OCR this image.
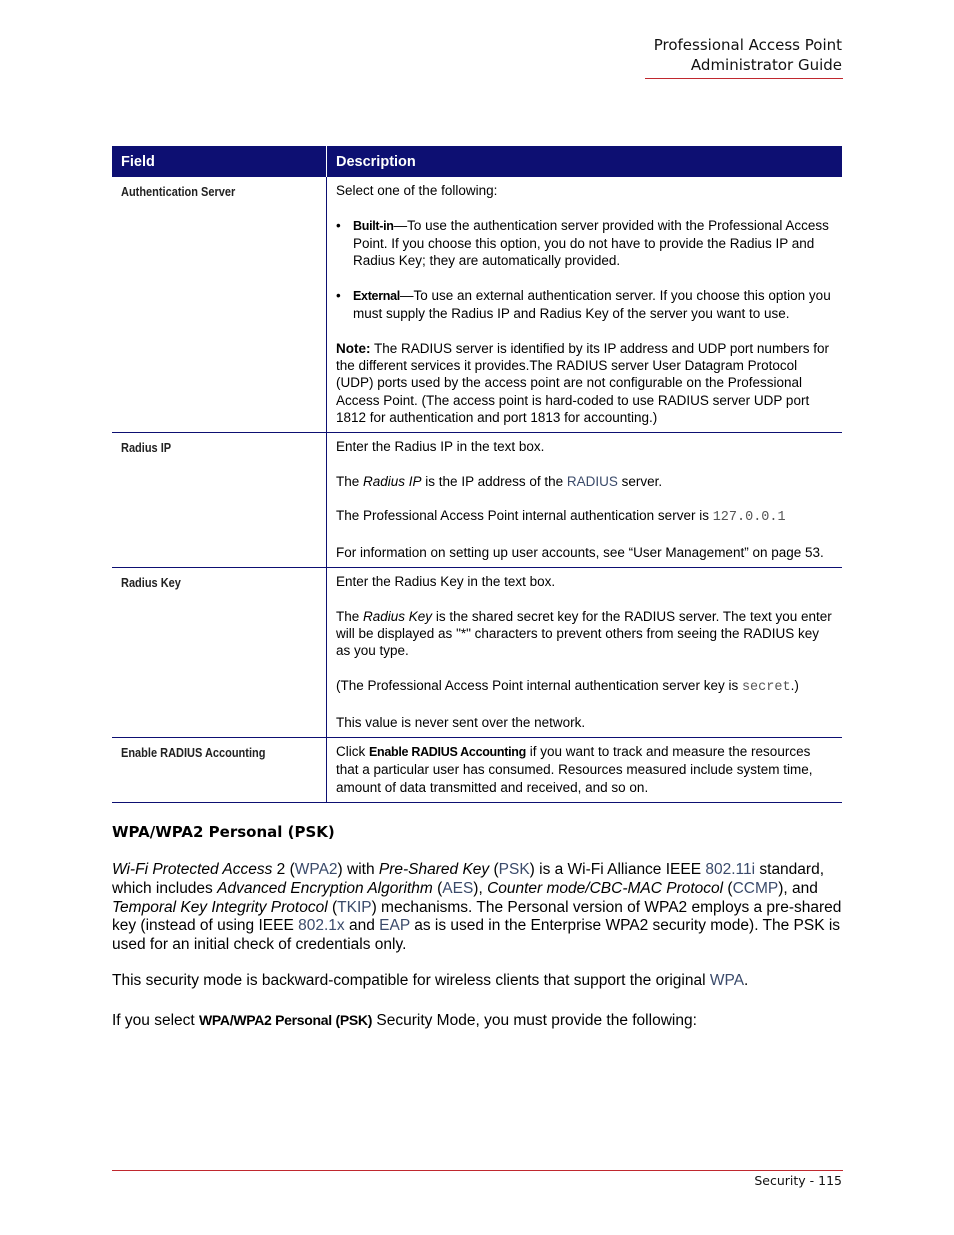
Professional Access Point
Administrator Guide
Field	Description
Authentication Server	Select one of the following:

• Built-in—To use the authentication server provided with the Professional Access Point. If you choose this option, you do not have to provide the Radius IP and Radius Key; they are automatically provided.

• External—To use an external authentication server. If you choose this option you must supply the Radius IP and Radius Key of the server you want to use.

Note: The RADIUS server is identified by its IP address and UDP port numbers for the different services it provides.The RADIUS server User Datagram Protocol (UDP) ports used by the access point are not configurable on the Professional Access Point. (The access point is hard-coded to use RADIUS server UDP port 1812 for authentication and port 1813 for accounting.)

Radius IP	Enter the Radius IP in the text box.

The Radius IP is the IP address of the RADIUS server.

The Professional Access Point internal authentication server is 127.0.0.1

For information on setting up user accounts, see “User Management” on page 53.

Radius Key	Enter the Radius Key in the text box.

The Radius Key is the shared secret key for the RADIUS server. The text you enter will be displayed as "*" characters to prevent others from seeing the RADIUS key as you type.

(The Professional Access Point internal authentication server key is secret.)

This value is never sent over the network.

Enable RADIUS Accounting	Click Enable RADIUS Accounting if you want to track and measure the resources that a particular user has consumed. Resources measured include system time, amount of data transmitted and received, and so on.

WPA/WPA2 Personal (PSK)

Wi-Fi Protected Access 2 (WPA2) with Pre-Shared Key (PSK) is a Wi-Fi Alliance IEEE 802.11i standard, which includes Advanced Encryption Algorithm (AES), Counter mode/CBC-MAC Protocol (CCMP), and Temporal Key Integrity Protocol (TKIP) mechanisms. The Personal version of WPA2 employs a pre-shared key (instead of using IEEE 802.1x and EAP as is used in the Enterprise WPA2 security mode). The PSK is used for an initial check of credentials only.

This security mode is backward-compatible for wireless clients that support the original WPA.

If you select WPA/WPA2 Personal (PSK) Security Mode, you must provide the following:

Security - 115
